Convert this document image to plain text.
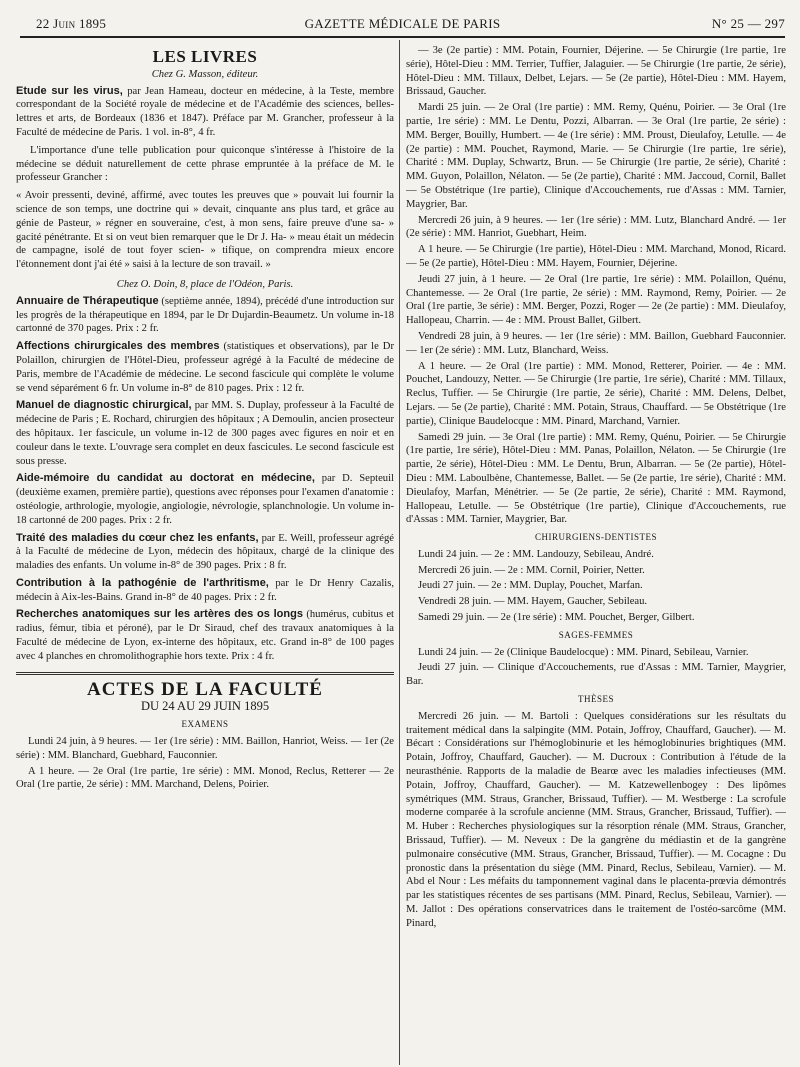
22 Juin 1895	GAZETTE MÉDICALE DE PARIS	N° 25 — 297
LES LIVRES
Chez G. Masson, éditeur.
Etude sur les virus, par Jean Hameau, docteur en médecine, à la Teste, membre correspondant de la Société royale de médecine et de l'Académie des sciences, belles-lettres et arts, de Bordeaux (1836 et 1847). Préface par M. Grancher, professeur à la Faculté de médecine de Paris. 1 vol. in-8°, 4 fr.
L'importance d'une telle publication pour quiconque s'intéresse à l'histoire de la médecine se déduit naturellement de cette phrase empruntée à la préface de M. le professeur Grancher :
« Avoir pressenti, deviné, affirmé, avec toutes les preuves que » pouvait lui fournir la science de son temps, une doctrine qui » devait, cinquante ans plus tard, et grâce au génie de Pasteur, » régner en souveraine, c'est, à mon sens, faire preuve d'une sa- » gacité pénétrante. Et si on veut bien remarquer que le Dr J. Ha- » meau était un médecin de campagne, isolé de tout foyer scien- » tifique, on comprendra mieux encore l'étonnement dont j'ai été » saisi à la lecture de son travail. »
Chez O. Doin, 8, place de l'Odéon, Paris.
Annuaire de Thérapeutique (septième année, 1894), précédé d'une introduction sur les progrès de la thérapeutique en 1894, par le Dr Dujardin-Beaumetz. Un volume in-18 cartonné de 370 pages. Prix : 2 fr.
Affections chirurgicales des membres (statistiques et observations), par le Dr Polaillon, chirurgien de l'Hôtel-Dieu, professeur agrégé à la Faculté de médecine de Paris, membre de l'Académie de médecine. Le second fascicule qui complète le volume se vend séparément 6 fr. Un volume in-8° de 810 pages. Prix : 12 fr.
Manuel de diagnostic chirurgical, par MM. S. Duplay, professeur à la Faculté de médecine de Paris ; E. Rochard, chirurgien des hôpitaux ; A Demoulin, ancien prosecteur des hôpitaux. 1er fascicule, un volume in-12 de 300 pages avec figures en noir et en couleur dans le texte. L'ouvrage sera complet en deux fascicules. Le second fascicule est sous presse.
Aide-mémoire du candidat au doctorat en médecine, par D. Septeuil (deuxième examen, première partie), questions avec réponses pour l'examen d'anatomie : ostéologie, arthrologie, myologie, angiologie, névrologie, splanchnologie. Un volume in-18 cartonné de 200 pages. Prix : 2 fr.
Traité des maladies du cœur chez les enfants, par E. Weill, professeur agrégé à la Faculté de médecine de Lyon, médecin des hôpitaux, chargé de la clinique des maladies des enfants. Un volume in-8° de 390 pages. Prix : 8 fr.
Contribution à la pathogénie de l'arthritisme, par le Dr Henry Cazalis, médecin à Aix-les-Bains. Grand in-8° de 40 pages. Prix : 2 fr.
Recherches anatomiques sur les artères des os longs (humérus, cubitus et radius, fémur, tibia et péroné), par le Dr Siraud, chef des travaux anatomiques à la Faculté de médecine de Lyon, ex-interne des hôpitaux, etc. Grand in-8° de 100 pages avec 4 planches en chromolithographie hors texte. Prix : 4 fr.
ACTES DE LA FACULTÉ
DU 24 AU 29 JUIN 1895
EXAMENS
Lundi 24 juin, à 9 heures. — 1er (1re série) : MM. Baillon, Hanriot, Weiss. — 1er (2e série) : MM. Blanchard, Guebhard, Fauconnier.
A 1 heure. — 2e Oral (1re partie, 1re série) : MM. Monod, Reclus, Retterer — 2e Oral (1re partie, 2e série) : MM. Marchand, Delens, Poirier.
— 3e (2e partie) : MM. Potain, Fournier, Déjerine. — 5e Chirurgie (1re partie, 1re série), Hôtel-Dieu : MM. Terrier, Tuffier, Jalaguier. — 5e Chirurgie (1re partie, 2e série), Hôtel-Dieu : MM. Tillaux, Delbet, Lejars. — 5e (2e partie), Hôtel-Dieu : MM. Hayem, Brissaud, Gaucher.
Mardi 25 juin. — 2e Oral (1re partie) : MM. Remy, Quénu, Poirier. — 3e Oral (1re partie, 1re série) : MM. Le Dentu, Pozzi, Albarran. — 3e Oral (1re partie, 2e série) : MM. Berger, Bouilly, Humbert. — 4e (1re série) : MM. Proust, Dieulafoy, Letulle. — 4e (2e partie) : MM. Pouchet, Raymond, Marie. — 5e Chirurgie (1re partie, 1re série), Charité : MM. Duplay, Schwartz, Brun. — 5e Chirurgie (1re partie, 2e série), Charité : MM. Guyon, Polaillon, Nélaton. — 5e (2e partie), Charité : MM. Jaccoud, Cornil, Ballet — 5e Obstétrique (1re partie), Clinique d'Accouchements, rue d'Assas : MM. Tarnier, Maygrier, Bar.
Mercredi 26 juin, à 9 heures. — 1er (1re série) : MM. Lutz, Blanchard André. — 1er (2e série) : MM. Hanriot, Guebhart, Heim.
A 1 heure. — 5e Chirurgie (1re partie), Hôtel-Dieu : MM. Marchand, Monod, Ricard. — 5e (2e partie), Hôtel-Dieu : MM. Hayem, Fournier, Déjerine.
Jeudi 27 juin, à 1 heure. — 2e Oral (1re partie, 1re série) : MM. Polaillon, Quénu, Chantemesse. — 2e Oral (1re partie, 2e série) : MM. Raymond, Remy, Poirier. — 2e Oral (1re partie, 3e série) : MM. Berger, Pozzi, Roger — 2e (2e partie) : MM. Dieulafoy, Hallopeau, Charrin. — 4e : MM. Proust Ballet, Gilbert.
Vendredi 28 juin, à 9 heures. — 1er (1re série) : MM. Baillon, Guebhard Fauconnier. — 1er (2e série) : MM. Lutz, Blanchard, Weiss.
A 1 heure. — 2e Oral (1re partie) : MM. Monod, Retterer, Poirier. — 4e : MM. Pouchet, Landouzy, Netter. — 5e Chirurgie (1re partie, 1re série), Charité : MM. Tillaux, Reclus, Tuffier. — 5e Chirurgie (1re partie, 2e série), Charité : MM. Delens, Delbet, Lejars. — 5e (2e partie), Charité : MM. Potain, Straus, Chauffard. — 5e Obstétrique (1re partie), Clinique Baudelocque : MM. Pinard, Marchand, Varnier.
Samedi 29 juin. — 3e Oral (1re partie) : MM. Remy, Quénu, Poirier. — 5e Chirurgie (1re partie, 1re série), Hôtel-Dieu : MM. Panas, Polaillon, Nélaton. — 5e Chirurgie (1re partie, 2e série), Hôtel-Dieu : MM. Le Dentu, Brun, Albarran. — 5e (2e partie), Hôtel-Dieu : MM. Laboulbène, Chantemesse, Ballet. — 5e (2e partie, 1re série), Charité : MM. Dieulafoy, Marfan, Ménétrier. — 5e (2e partie, 2e série), Charité : MM. Raymond, Hallopeau, Letulle. — 5e Obstétrique (1re partie), Clinique d'Accouchements, rue d'Assas : MM. Tarnier, Maygrier, Bar.
CHIRURGIENS-DENTISTES
Lundi 24 juin. — 2e : MM. Landouzy, Sebileau, André.
Mercredi 26 juin. — 2e : MM. Cornil, Poirier, Netter.
Jeudi 27 juin. — 2e : MM. Duplay, Pouchet, Marfan.
Vendredi 28 juin. — MM. Hayem, Gaucher, Sebileau.
Samedi 29 juin. — 2e (1re série) : MM. Pouchet, Berger, Gilbert.
SAGES-FEMMES
Lundi 24 juin. — 2e (Clinique Baudelocque) : MM. Pinard, Sebileau, Varnier.
Jeudi 27 juin. — Clinique d'Accouchements, rue d'Assas : MM. Tarnier, Maygrier, Bar.
THÈSES
Mercredi 26 juin. — M. Bartoli : Quelques considérations sur les résultats du traitement médical dans la salpingite (MM. Potain, Joffroy, Chauffard, Gaucher). — M. Bécart : Considérations sur l'hémoglobinurie et les hémoglobinuries brightiques (MM. Potain, Joffroy, Chauffard, Gaucher). — M. Ducroux : Contribution à l'étude de la neurasthénie. Rapports de la maladie de Bearœ avec les maladies infectieuses (MM. Potain, Joffroy, Chauffard, Gaucher). — M. Katzewellenbogey : Des lipômes symétriques (MM. Straus, Grancher, Brissaud, Tuffier). — M. Westberge : La scrofule moderne comparée à la scrofule ancienne (MM. Straus, Grancher, Brissaud, Tuffier). — M. Huber : Recherches physiologiques sur la résorption rénale (MM. Straus, Grancher, Brissaud, Tuffier). — M. Neveux : De la gangrène du médiastin et de la gangrène pulmonaire consécutive (MM. Straus, Grancher, Brissaud, Tuffier). — M. Cocagne : Du pronostic dans la présentation du siège (MM. Pinard, Reclus, Sebileau, Varnier). — M. Abd el Nour : Les méfaits du tamponnement vaginal dans le placenta-prœvia démontrés par les statistiques récentes de ses partisans (MM. Pinard, Reclus, Sebileau, Varnier). — M. Jallot : Des opérations conservatrices dans le traitement de l'ostéo-sarcôme (MM. Pinard,
